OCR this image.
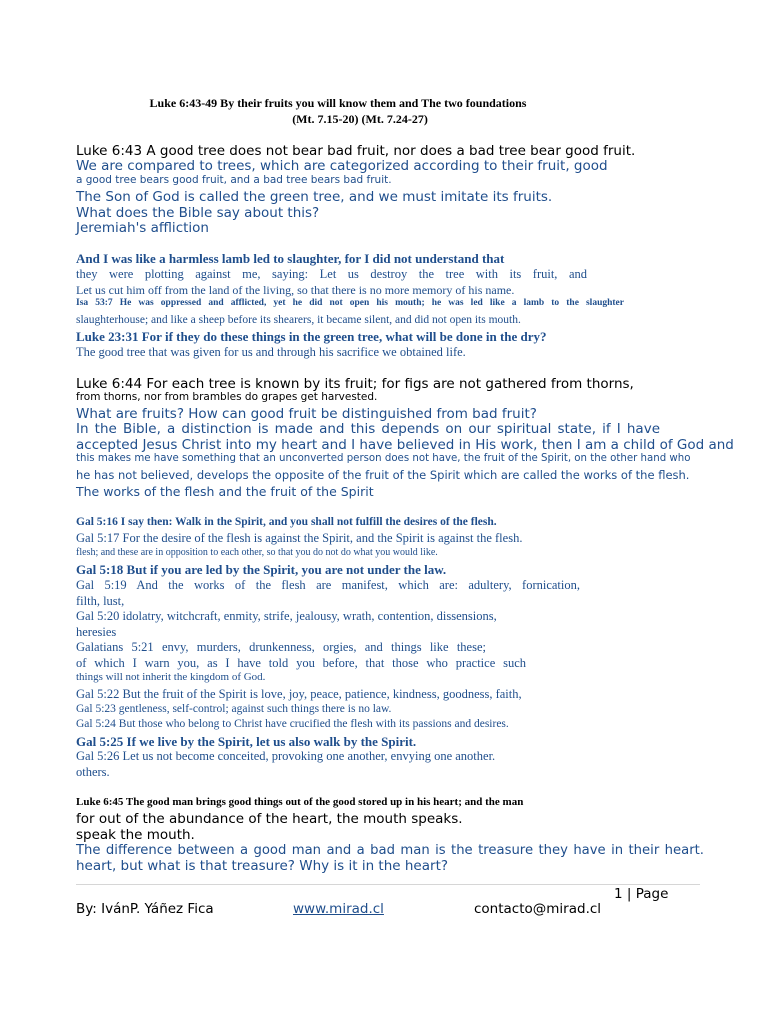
Luke 6:43-49 By their fruits you will know them and The two foundations

(Mt. 7.15-20) (Mt. 7.24-27)

Luke 6:43 A good tree does not bear bad fruit, nor does a bad tree bear good fruit.

We are compared to trees, which are categorized according to their fruit, good

a good tree bears good fruit, and a bad tree bears bad fruit.

The Son of God is called the green tree, and we must imitate its fruits.

What does the Bible say about this?

Jeremiah's affliction

And I was like a harmless lamb led to slaughter, for I did not understand that

they were plotting against me, saying: Let us destroy the tree with its fruit, and

Let us cut him off from the land of the living, so that there is no more memory of his name.

Isa 53:7 He was oppressed and afflicted, yet he did not open his mouth; he was led like a lamb to the slaughter

slaughterhouse; and like a sheep before its shearers, it became silent, and did not open its mouth.

Luke 23:31 For if they do these things in the green tree, what will be done in the dry?

The good tree that was given for us and through his sacrifice we obtained life.

Luke 6:44 For each tree is known by its fruit; for figs are not gathered from thorns,

from thorns, nor from brambles do grapes get harvested.

What are fruits? How can good fruit be distinguished from bad fruit?

In the Bible, a distinction is made and this depends on our spiritual state, if I have

accepted Jesus Christ into my heart and I have believed in His work, then I am a child of God and

this makes me have something that an unconverted person does not have, the fruit of the Spirit, on the other hand who

he has not believed, develops the opposite of the fruit of the Spirit which are called the works of the flesh.

The works of the flesh and the fruit of the Spirit

Gal 5:16 I say then: Walk in the Spirit, and you shall not fulfill the desires of the flesh.

Gal 5:17 For the desire of the flesh is against the Spirit, and the Spirit is against the flesh.

flesh; and these are in opposition to each other, so that you do not do what you would like.

Gal 5:18 But if you are led by the Spirit, you are not under the law.

Gal 5:19 And the works of the flesh are manifest, which are: adultery, fornication,

filth, lust,

Gal 5:20 idolatry, witchcraft, enmity, strife, jealousy, wrath, contention, dissensions,

heresies

Galatians 5:21 envy, murders, drunkenness, orgies, and things like these;

of which I warn you, as I have told you before, that those who practice such

things will not inherit the kingdom of God.

Gal 5:22 But the fruit of the Spirit is love, joy, peace, patience, kindness, goodness, faith,

Gal 5:23 gentleness, self-control; against such things there is no law.

Gal 5:24 But those who belong to Christ have crucified the flesh with its passions and desires.

Gal 5:25 If we live by the Spirit, let us also walk by the Spirit.

Gal 5:26 Let us not become conceited, provoking one another, envying one another.

others.

Luke 6:45 The good man brings good things out of the good stored up in his heart; and the man

for out of the abundance of the heart, the mouth speaks.

speak the mouth.

The difference between a good man and a bad man is the treasure they have in their heart.

heart, but what is that treasure? Why is it in the heart?

1 | Page

By: IvánP. Yáñez Fica	www.mirad.cl	contacto@mirad.cl
